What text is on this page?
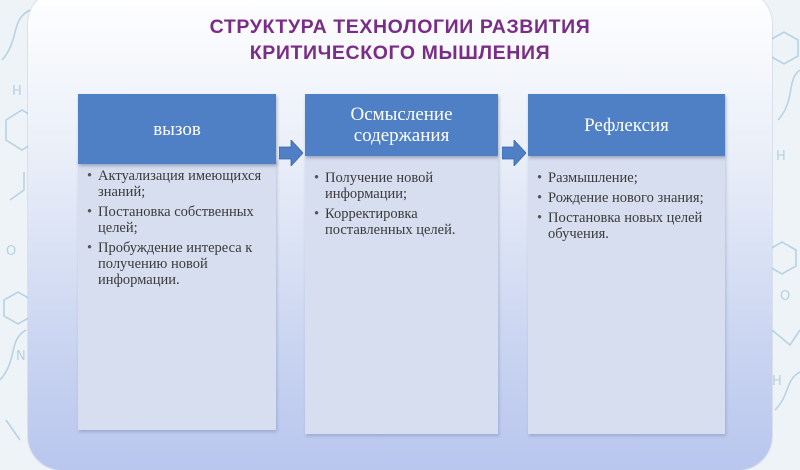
H
O
N
H
O
H
СТРУКТУРА ТЕХНОЛОГИИ РАЗВИТИЯ
КРИТИЧЕСКОГО МЫШЛЕНИЯ
• Актуализация имеющихся знаний;
• Постановка собственных целей;
• Пробуждение интереса к получению новой информации.
вызов
• Получение новой информации;
• Корректировка поставленных целей.
Осмысление содержания
• Размышление;
• Рождение нового знания;
• Постановка новых целей обучения.
Рефлексия
